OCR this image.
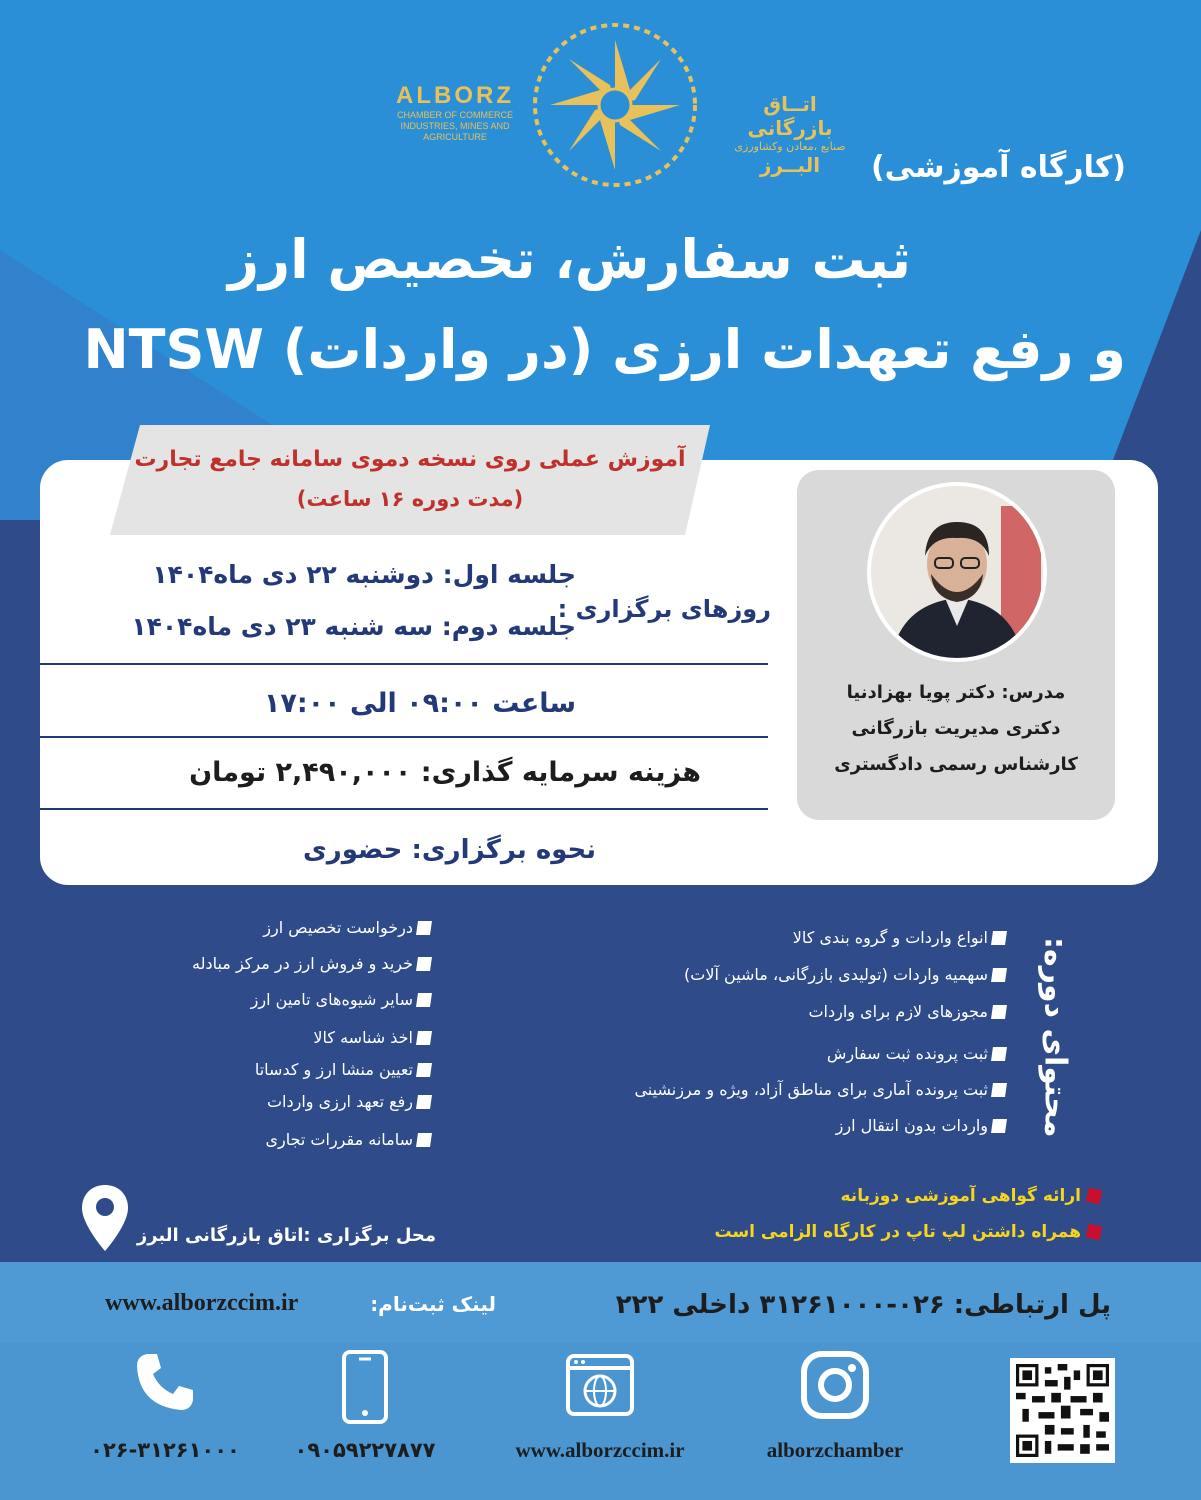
ALBORZ
CHAMBER OF COMMERCE
INDUSTRIES, MINES AND AGRICULTURE
اتــاق بازرگانی
صنایع ،معادن وکشاورزی
البــرز	(کارگاه آموزشی)
ثبت سفارش، تخصیص ارز
و رفع تعهدات ارزی (در واردات) NTSW
آموزش عملی روی نسخه دموی سامانه جامع تجارت
(مدت دوره ۱۶ ساعت)
مدرس: دکتر پویا بهزادنیا
دکتری مدیریت بازرگانی
کارشناس رسمی دادگستری
روزهای برگزاری :
جلسه اول: دوشنبه ۲۲ دی ماه۱۴۰۴
جلسه دوم: سه شنبه ۲۳ دی ماه۱۴۰۴
ساعت ۰۹:۰۰ الی ۱۷:۰۰
هزینه سرمایه گذاری: ۲,۴۹۰,۰۰۰ تومان
نحوه برگزاری: حضوری
محتوای دوره:
انواع واردات و گروه بندی کالا
سهمیه واردات (تولیدی بازرگانی، ماشین آلات)
مجوزهای لازم برای واردات
ثبت پرونده ثبت سفارش
ثبت پرونده آماری برای مناطق آزاد، ویژه و مرزنشینی
واردات بدون انتقال ارز
درخواست تخصیص ارز
خرید و فروش ارز در مرکز مبادله
سایر شیوه‌های تامین ارز
اخذ شناسه کالا
تعیین منشا ارز و کدساتا
رفع تعهد ارزی واردات
سامانه مقررات تجاری
ارائه گواهی آموزشی دوزبانه
همراه داشتن لپ تاپ در کارگاه الزامی است
محل برگزاری :اتاق بازرگانی البرز
پل ارتباطی: ۰۲۶-۳۱۲۶۱۰۰۰ داخلی ۲۲۲
لینک ثبت‌نام:
www.alborzccim.ir
alborzchamber
www.alborzccim.ir
۰۹۰۵۹۲۲۷۸۷۷
۰۲۶-۳۱۲۶۱۰۰۰
